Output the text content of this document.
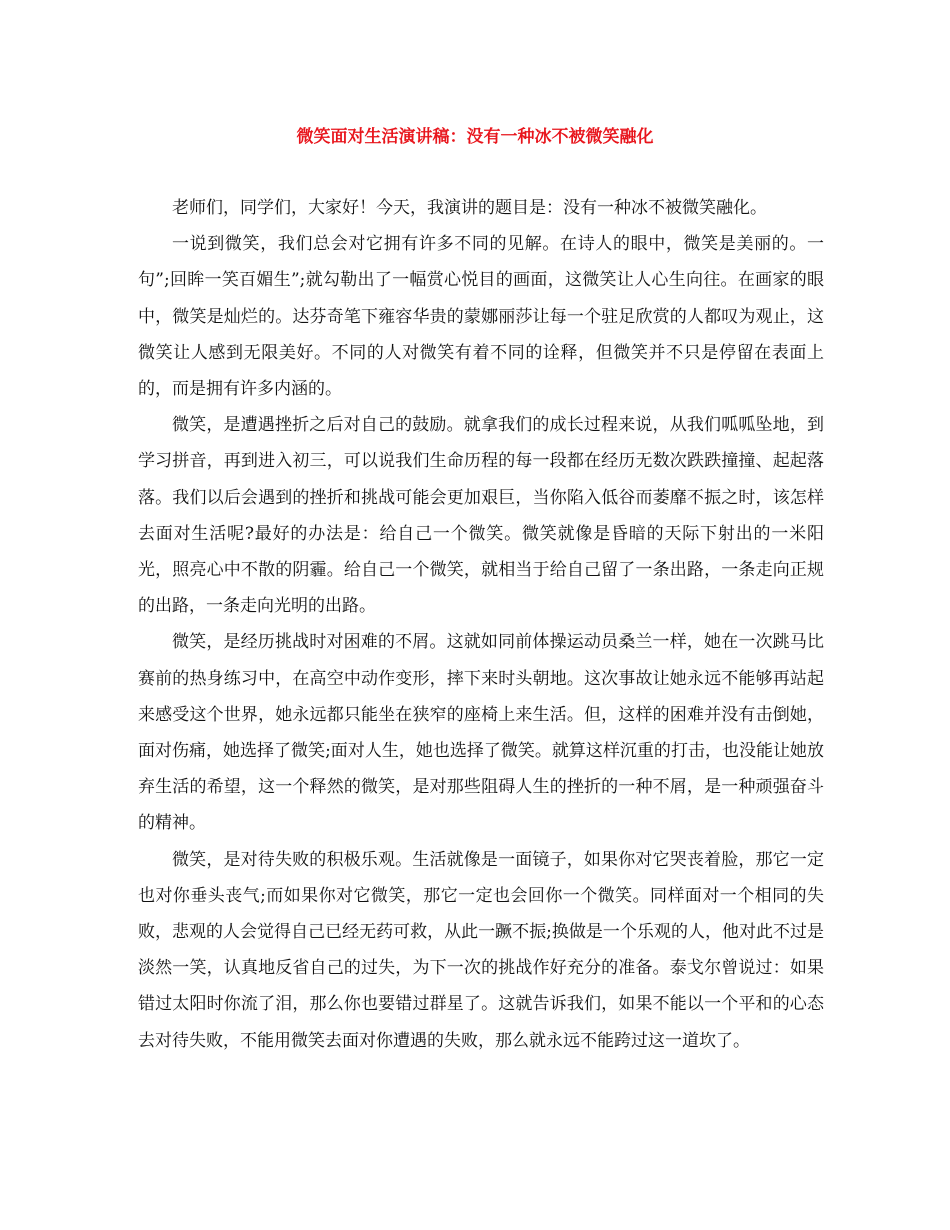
微笑面对生活演讲稿：没有一种冰不被微笑融化

老师们，同学们，大家好！今天，我演讲的题目是：没有一种冰不被微笑融化。

一说到微笑，我们总会对它拥有许多不同的见解。在诗人的眼中，微笑是美丽的。一句”;回眸一笑百媚生”;就勾勒出了一幅赏心悦目的画面，这微笑让人心生向往。在画家的眼中，微笑是灿烂的。达芬奇笔下雍容华贵的蒙娜丽莎让每一个驻足欣赏的人都叹为观止，这微笑让人感到无限美好。不同的人对微笑有着不同的诠释，但微笑并不只是停留在表面上的，而是拥有许多内涵的。

微笑，是遭遇挫折之后对自己的鼓励。就拿我们的成长过程来说，从我们呱呱坠地，到学习拼音，再到进入初三，可以说我们生命历程的每一段都在经历无数次跌跌撞撞、起起落落。我们以后会遇到的挫折和挑战可能会更加艰巨，当你陷入低谷而萎靡不振之时，该怎样去面对生活呢?最好的办法是：给自己一个微笑。微笑就像是昏暗的天际下射出的一米阳光，照亮心中不散的阴霾。给自己一个微笑，就相当于给自己留了一条出路，一条走向正规的出路，一条走向光明的出路。

微笑，是经历挑战时对困难的不屑。这就如同前体操运动员桑兰一样，她在一次跳马比赛前的热身练习中，在高空中动作变形，摔下来时头朝地。这次事故让她永远不能够再站起来感受这个世界，她永远都只能坐在狭窄的座椅上来生活。但，这样的困难并没有击倒她，面对伤痛，她选择了微笑;面对人生，她也选择了微笑。就算这样沉重的打击，也没能让她放弃生活的希望，这一个释然的微笑，是对那些阻碍人生的挫折的一种不屑，是一种顽强奋斗的精神。

微笑，是对待失败的积极乐观。生活就像是一面镜子，如果你对它哭丧着脸，那它一定也对你垂头丧气;而如果你对它微笑，那它一定也会回你一个微笑。同样面对一个相同的失败，悲观的人会觉得自己已经无药可救，从此一蹶不振;换做是一个乐观的人，他对此不过是淡然一笑，认真地反省自己的过失，为下一次的挑战作好充分的准备。泰戈尔曾说过：如果错过太阳时你流了泪，那么你也要错过群星了。这就告诉我们，如果不能以一个平和的心态去对待失败，不能用微笑去面对你遭遇的失败，那么就永远不能跨过这一道坎了。
